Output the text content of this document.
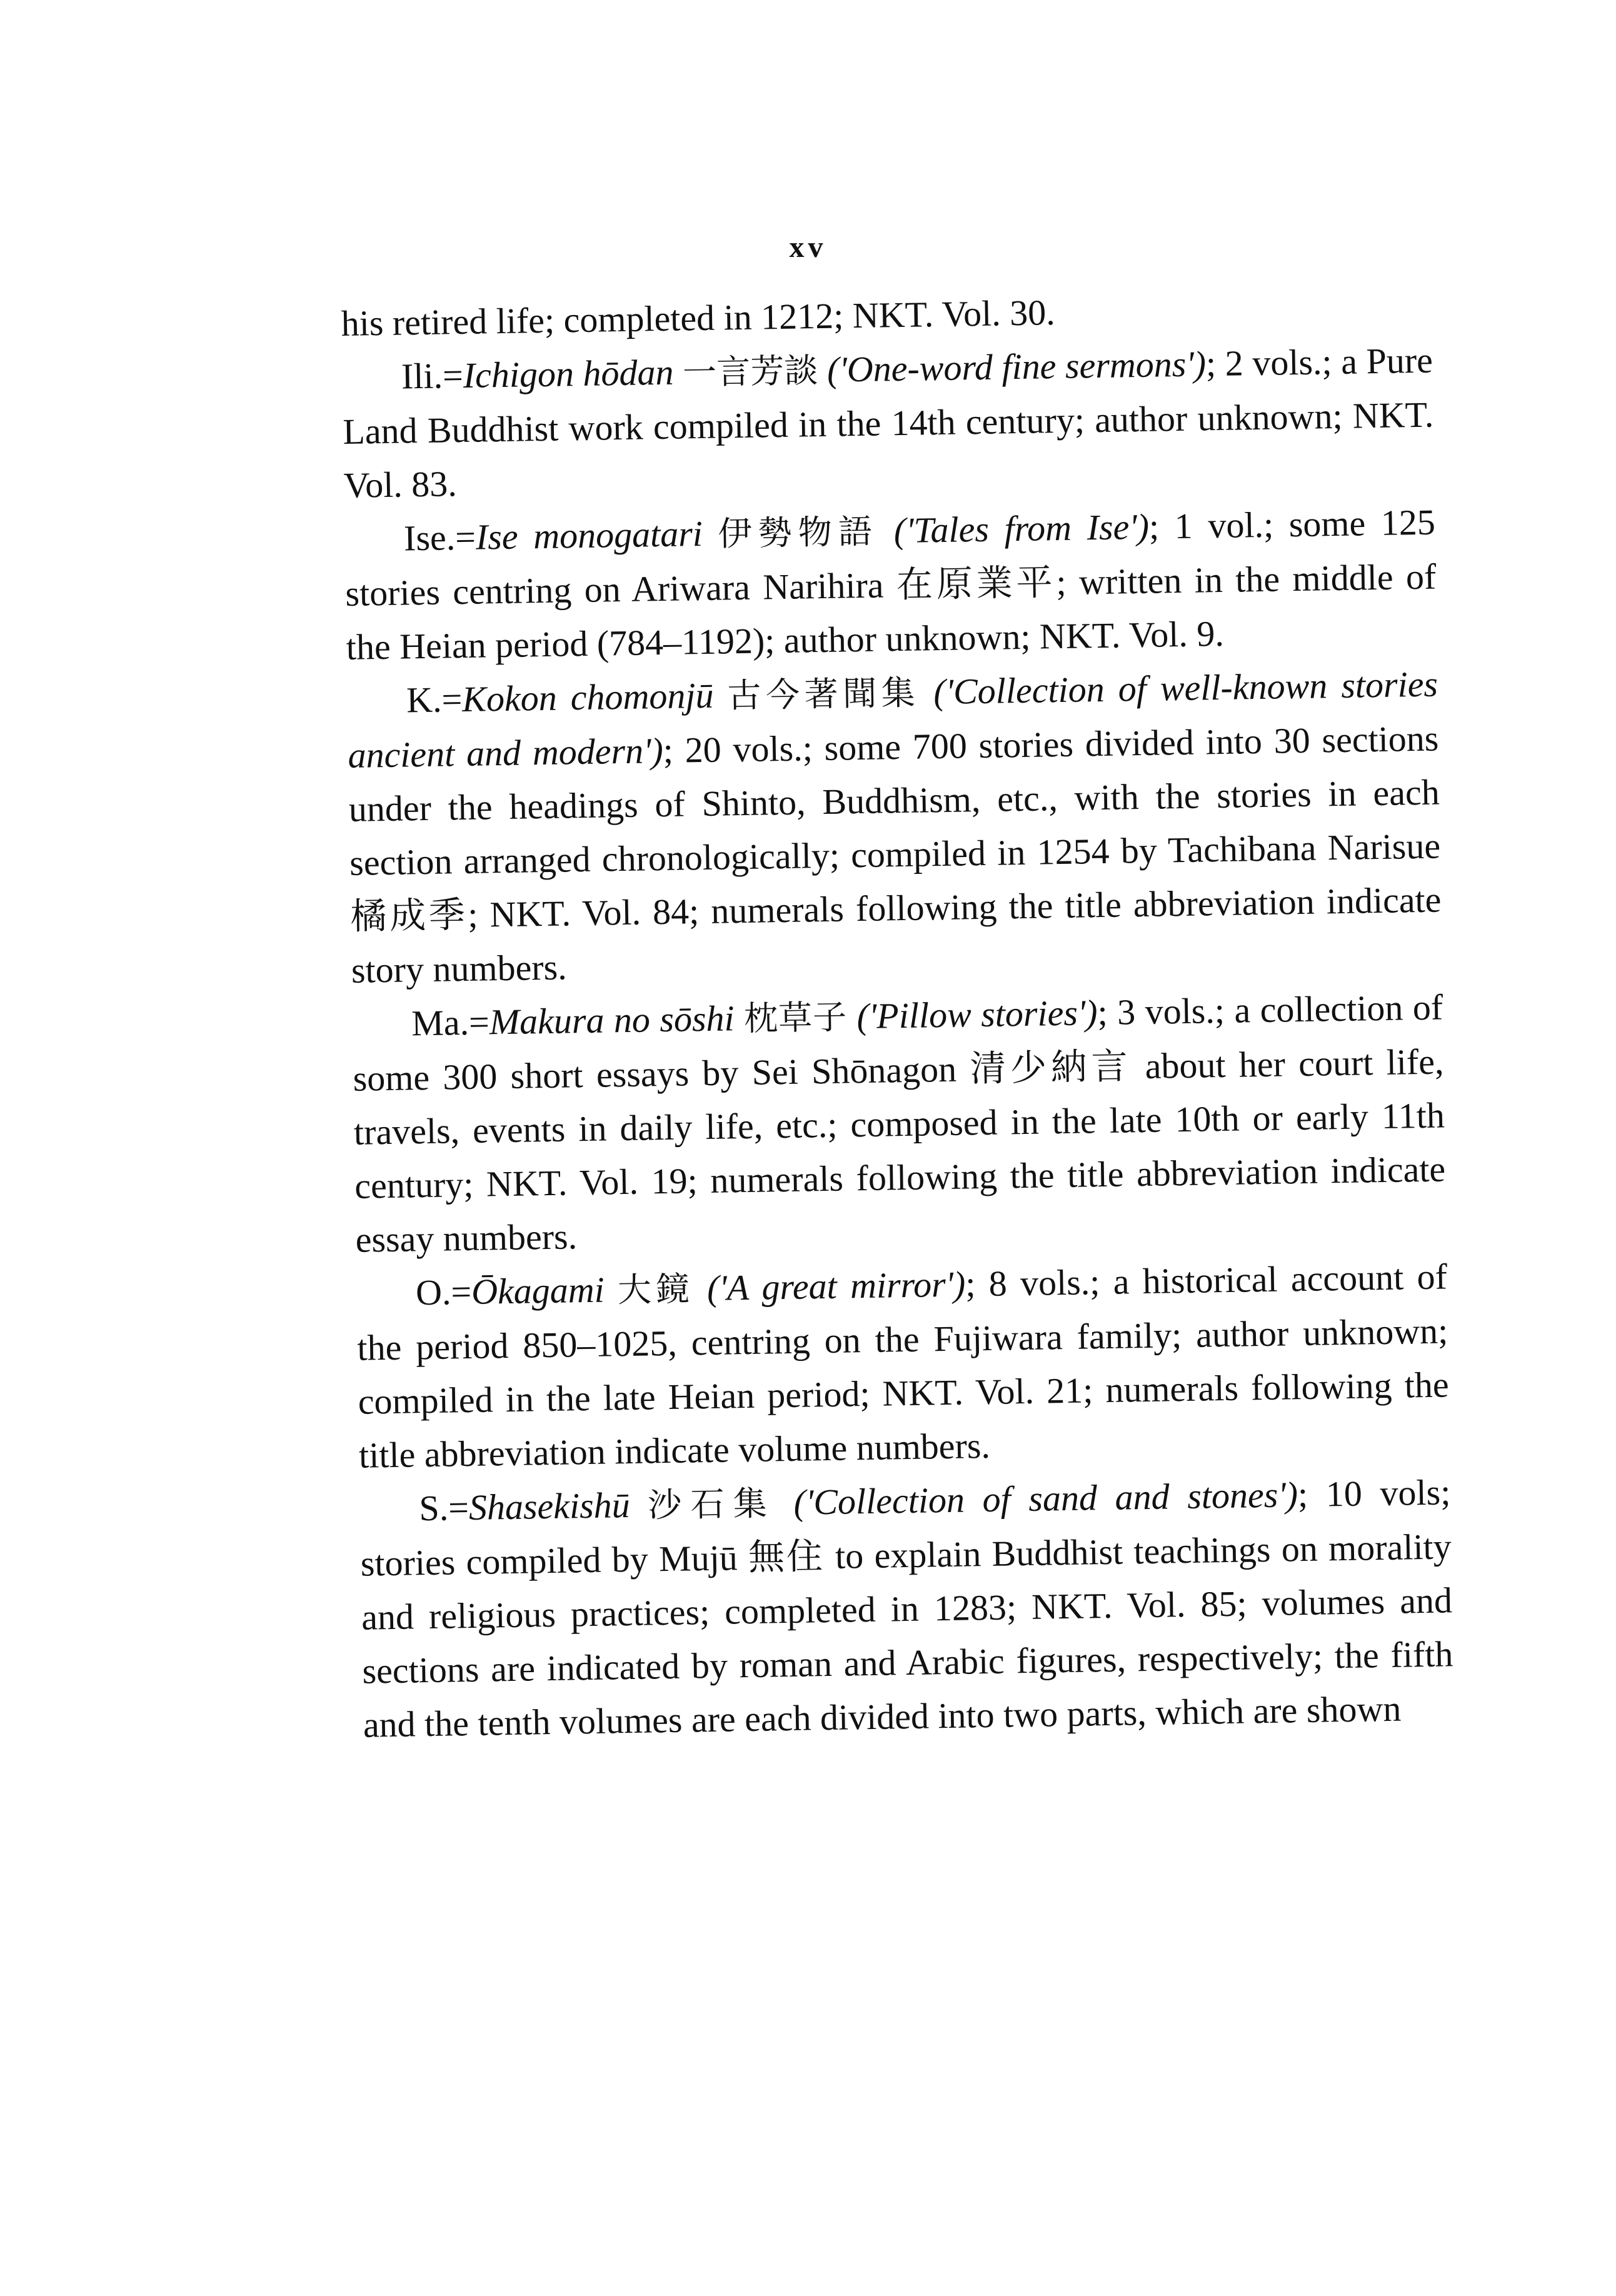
xv

his retired life; completed in 1212; NKT. Vol. 30.

Ili.=Ichigon hōdan 一言芳談 ('One-word fine sermons'); 2 vols.; a Pure Land Buddhist work compiled in the 14th century; author unknown; NKT. Vol. 83.

Ise.=Ise monogatari 伊勢物語 ('Tales from Ise'); 1 vol.; some 125 stories centring on Ariwara Narihira 在原業平; written in the middle of the Heian period (784–1192); author unknown; NKT. Vol. 9.

K.=Kokon chomonjū 古今著聞集 ('Collection of well-known stories ancient and modern'); 20 vols.; some 700 stories divided into 30 sections under the headings of Shinto, Buddhism, etc., with the stories in each section arranged chronologically; compiled in 1254 by Tachibana Narisue 橘成季; NKT. Vol. 84; numerals following the title abbreviation indicate story numbers.

Ma.=Makura no sōshi 枕草子 ('Pillow stories'); 3 vols.; a collection of some 300 short essays by Sei Shōnagon 清少納言 about her court life, travels, events in daily life, etc.; composed in the late 10th or early 11th century; NKT. Vol. 19; numerals following the title abbreviation indicate essay numbers.

O.=Ōkagami 大鏡 ('A great mirror'); 8 vols.; a historical account of the period 850–1025, centring on the Fujiwara family; author unknown; compiled in the late Heian period; NKT. Vol. 21; numerals following the title abbreviation indicate volume numbers.

S.=Shasekishū 沙石集 ('Collection of sand and stones'); 10 vols; stories compiled by Mujū 無住 to explain Buddhist teachings on morality and religious practices; completed in 1283; NKT. Vol. 85; volumes and sections are indicated by roman and Arabic figures, respectively; the fifth and the tenth volumes are each divided into two parts, which are shown
